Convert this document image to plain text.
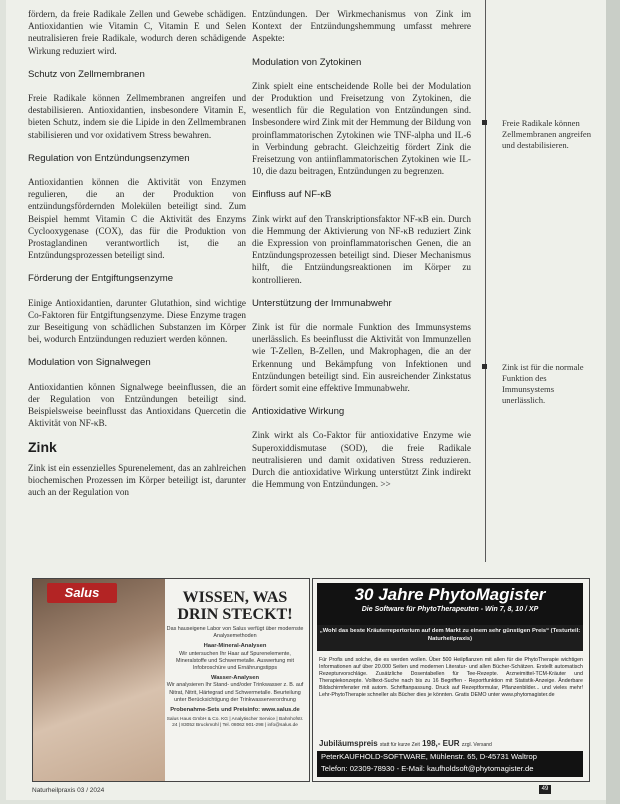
fördern, da freie Radikale Zellen und Gewebe schädigen. Antioxidantien wie Vitamin C, Vitamin E und Selen neutralisieren freie Radikale, wodurch deren schädigende Wirkung reduziert wird.

Schutz von Zellmembranen

Freie Radikale können Zellmembranen angreifen und destabilisieren. Antioxidantien, insbesondere Vitamin E, bieten Schutz, indem sie die Lipide in den Zellmembranen stabilisieren und vor oxidativem Stress bewahren.

Regulation von Entzündungsenzymen

Antioxidantien können die Aktivität von Enzymen regulieren, die an der Produktion von entzündungsfördernden Molekülen beteiligt sind. Zum Beispiel hemmt Vitamin C die Aktivität des Enzyms Cyclooxygenase (COX), das für die Produktion von Prostaglandinen verantwortlich ist, die an Entzündungsprozessen beteiligt sind.

Förderung der Entgiftungsenzyme

Einige Antioxidantien, darunter Glutathion, sind wichtige Co-Faktoren für Entgiftungsenzyme. Diese Enzyme tragen zur Beseitigung von schädlichen Substanzen im Körper bei, wodurch Entzündungen reduziert werden können.

Modulation von Signalwegen

Antioxidantien können Signalwege beeinflussen, die an der Regulation von Entzündungen beteiligt sind. Beispielsweise beeinflusst das Antioxidans Quercetin die Aktivität von NF-κB.

Zink

Zink ist ein essenzielles Spurenelement, das an zahlreichen biochemischen Prozessen im Körper beteiligt ist, darunter auch an der Regulation von

Entzündungen. Der Wirkmechanismus von Zink im Kontext der Entzündungshemmung umfasst mehrere Aspekte:

Modulation von Zytokinen

Zink spielt eine entscheidende Rolle bei der Modulation der Produktion und Freisetzung von Zytokinen, die wesentlich für die Regulation von Entzündungen sind. Insbesondere wird Zink mit der Hemmung der Bildung von proinflammatorischen Zytokinen wie TNF-alpha und IL-6 in Verbindung gebracht. Gleichzeitig fördert Zink die Freisetzung von antiinflammatorischen Zytokinen wie IL-10, die dazu beitragen, Entzündungen zu begrenzen.

Einfluss auf NF-κB

Zink wirkt auf den Transkriptionsfaktor NF-κB ein. Durch die Hemmung der Aktivierung von NF-κB reduziert Zink die Expression von proinflammatorischen Genen, die an Entzündungsprozessen beteiligt sind. Dieser Mechanismus hilft, die Entzündungsreaktionen im Körper zu kontrollieren.

Unterstützung der Immunabwehr

Zink ist für die normale Funktion des Immunsystems unerlässlich. Es beeinflusst die Aktivität von Immunzellen wie T-Zellen, B-Zellen, und Makrophagen, die an der Erkennung und Bekämpfung von Infektionen und Entzündungen beteiligt sind. Ein ausreichender Zinkstatus fördert somit eine effektive Immunabwehr.

Antioxidative Wirkung

Zink wirkt als Co-Faktor für antioxidative Enzyme wie Superoxiddismutase (SOD), die freie Radikale neutralisieren und damit oxidativen Stress reduzieren. Durch die antioxidative Wirkung unterstützt Zink indirekt die Hemmung von Entzündungen. >>

Freie Radikale können Zellmembranen angreifen und destabilisieren.
Zink ist für die normale Funktion des Immunsystems unerlässlich.
Salus	WISSEN, WAS DRIN STECKT!
Das hauseigene Labor von Salus verfügt über modernste Analysemethoden
Haar-Mineral-Analysen
Wir untersuchen Ihr Haar auf Spurenelemente, Mineralstoffe und Schwermetalle. Auswertung mit Infobroschüre und Ernährungstipps
Wasser-Analysen
Wir analysieren Ihr Stand- und/oder Trinkwasser z. B. auf Nitrat, Nitrit, Härtegrad und Schwermetalle. Beurteilung unter Berücksichtigung der Trinkwasserverordnung
Probenahme-Sets und Preisinfo: www.salus.de
Salus Haus GmbH & Co. KG | Analytischer Service | Bahnhofstr. 24 | 83052 Bruckmühl | Tel. 08062 901-298 | info@salus.de
30 Jahre PhytoMagister
Die Software für PhytoTherapeuten - Win 7, 8, 10 / XP
„Wohl das beste Kräuterrepertorium auf dem Markt zu einem sehr günstigen Preis“ (Testurteil: Naturheilpraxis)
Für Profis und solche, die es werden wollen. Über 500 Heilpflanzen mit allen für die PhytoTherapie wichtigen Informationen auf über 20.000 Seiten und modernen Literatur- und allen Bücher-Schätzen. Erstellt automatisch Rezepturvorschläge. Zusätzliche Dosentabellen für Tee-Rezepte. Arzneimittel-TCM-Kräuter und Therapiekonzepte. Volltext-Suche nach bis zu 16 Begriffen - Reportfunktion mit Statistik-Anzeige. Änderbare Bildschirmfenster mit autom. Schriftanpassung. Druck auf Rezeptformular, Pflanzenbilder... und vieles mehr! Lehr-PhytoTherapie schneller als Bücher dies je könnten. Gratis DEMO unter www.phytomagister.de
Jubiläumspreis statt für kurze Zeit 198,- EUR zzgl. Versand
PeterKAUFHOLD-SOFTWARE, Mühlenstr. 65, D-45731 Waltrop
Telefon: 02309-78930 - E-Mail: kaufholdsoft@phytomagister.de
Naturheilpraxis 03 / 2024	49
